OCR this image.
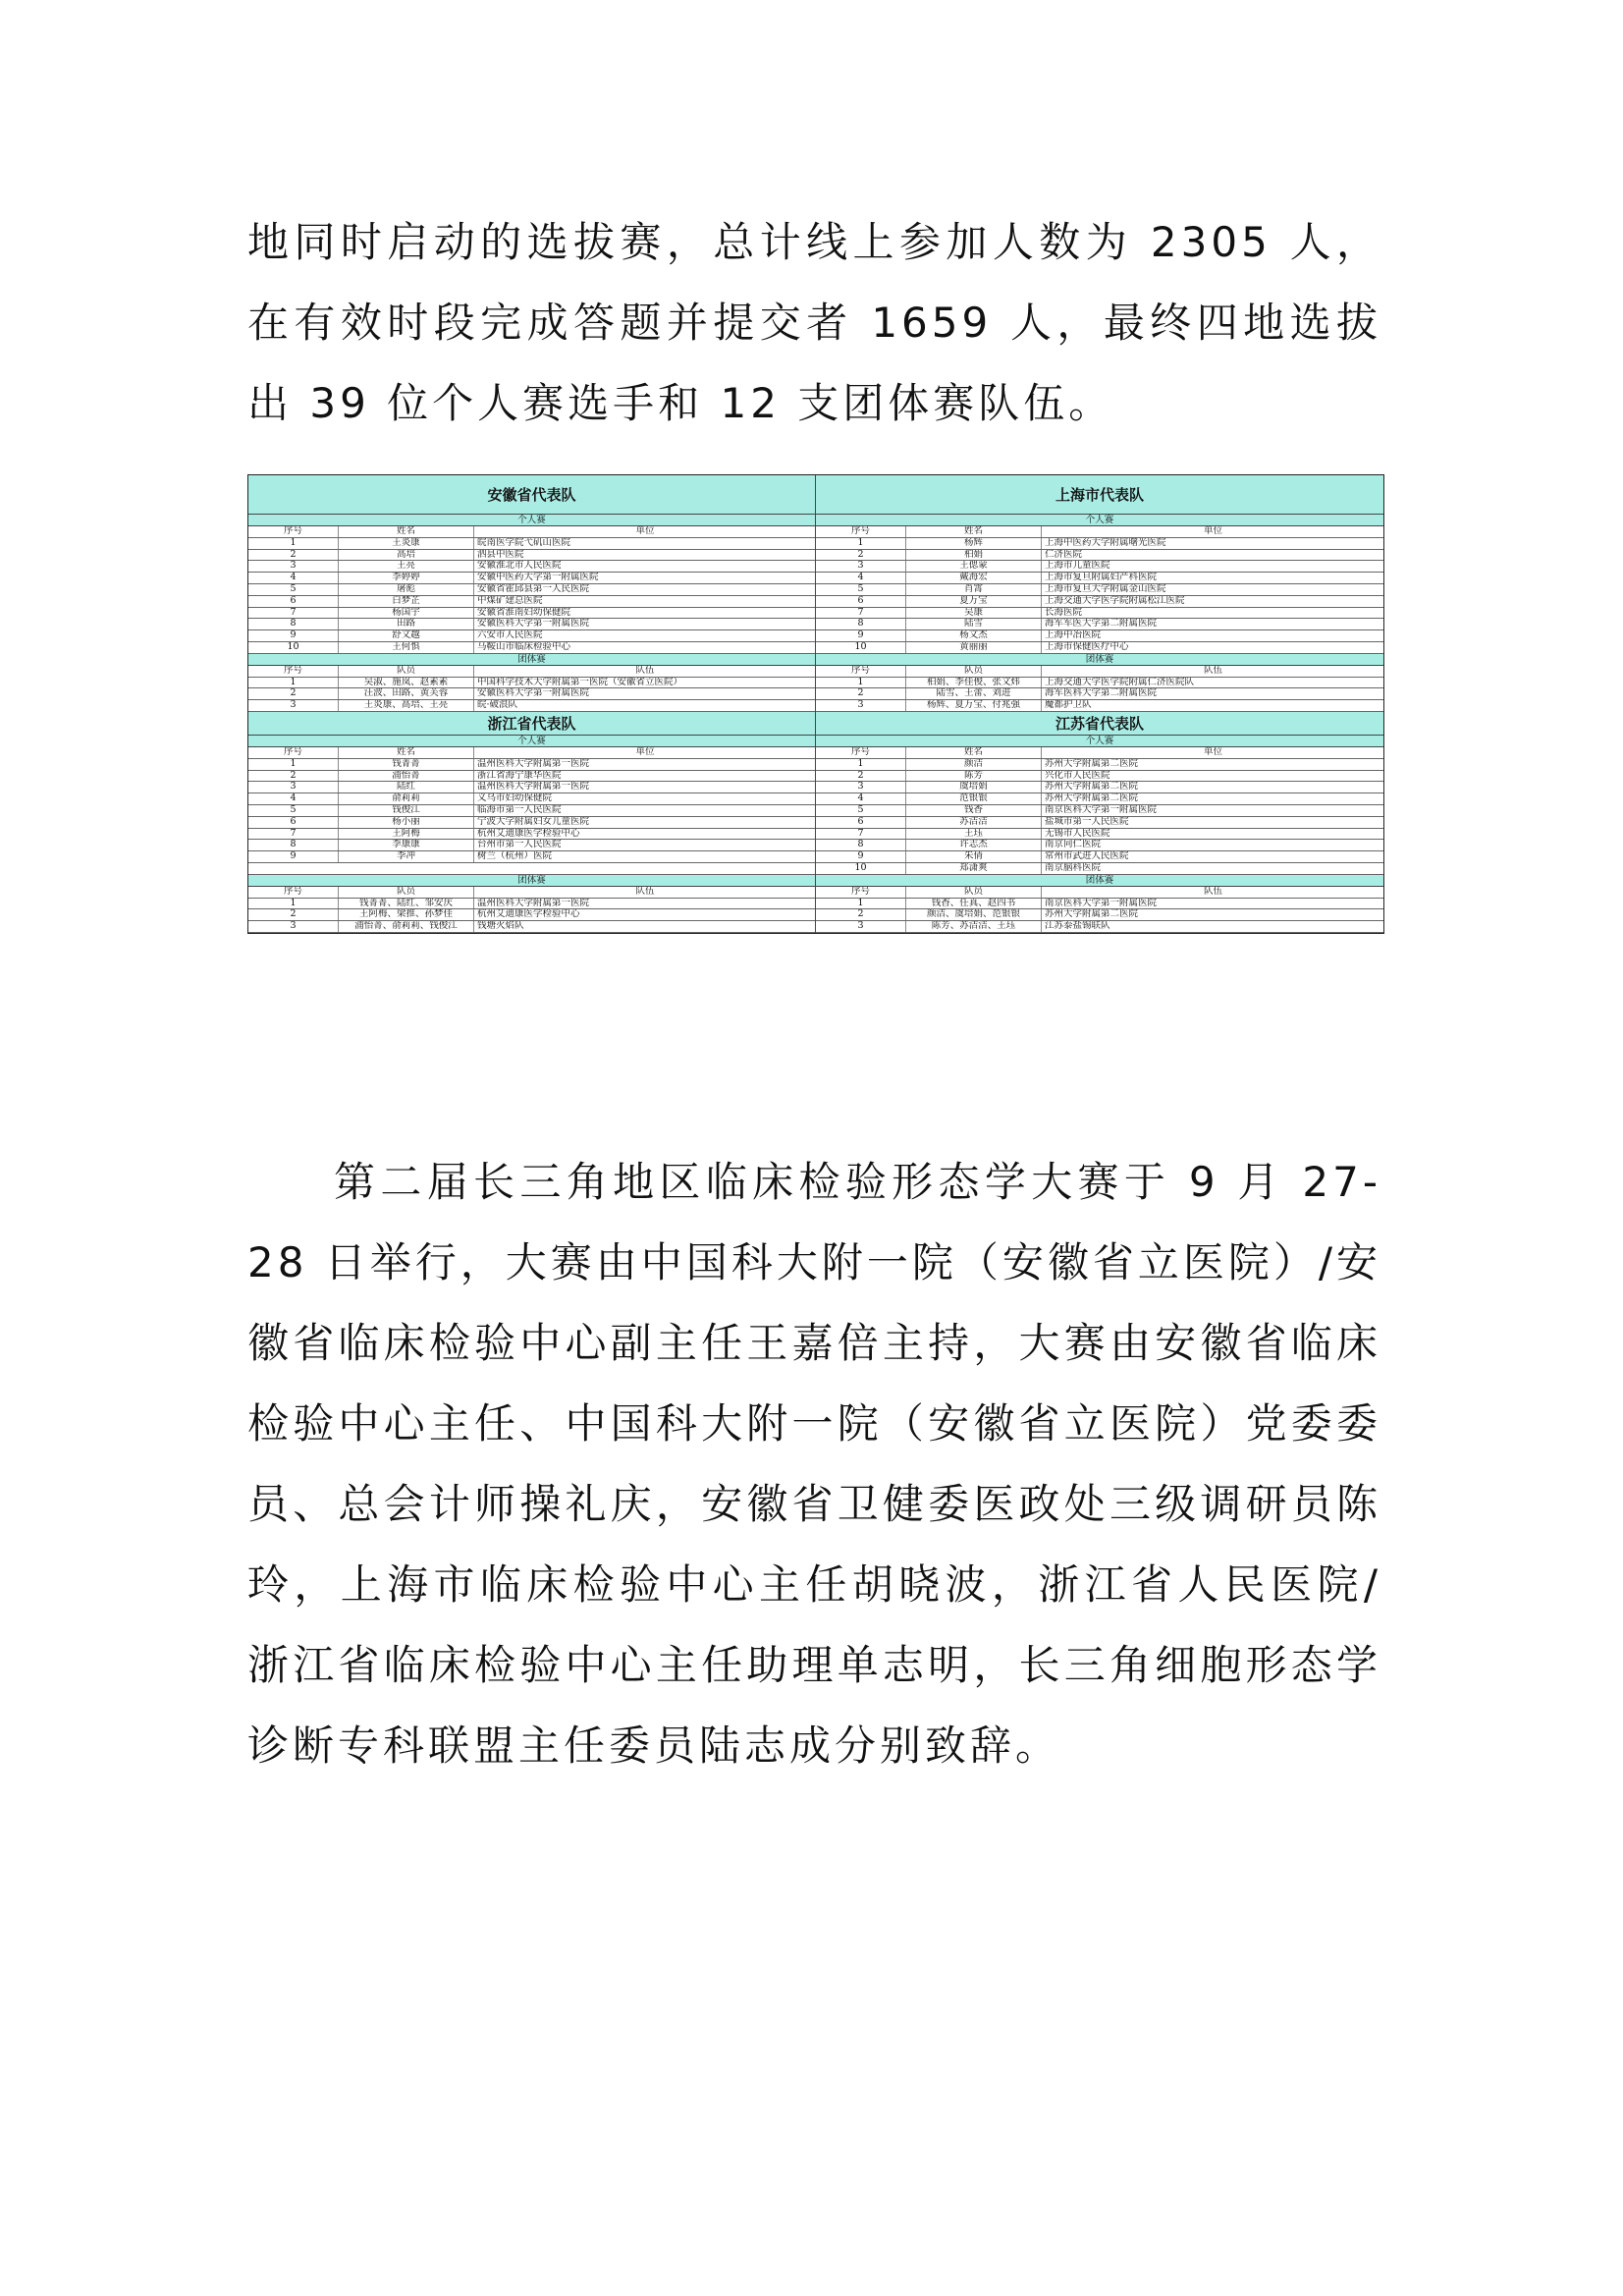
地同时启动的选拔赛，总计线上参加人数为 2305 人，在有效时段完成答题并提交者 1659 人，最终四地选拔出 39 位个人赛选手和 12 支团体赛队伍。

安徽省代表队
个人赛
序号	姓名	单位
1	王炎康	皖南医学院弋矶山医院
2	高培	泗县中医院
3	王亮	安徽淮北市人民医院
4	李婷婷	安徽中医药大学第一附属医院
5	屠彪	安徽省霍邱县第一人民医院
6	白梦芷	中煤矿建总医院
7	杨国宇	安徽省淮南妇幼保健院
8	田路	安徽医科大学第一附属医院
9	舒文越	六安市人民医院
10	王何惧	马鞍山市临床检验中心
团体赛
序号	队员	队伍
1	吴淑、施岚、赵素素	中国科学技术大学附属第一医院（安徽省立医院）
2	汪波、田路、黄芙蓉	安徽医科大学第一附属医院
3	王炎康、高培、王亮	皖·破浪队
上海市代表队
个人赛
序号	姓名	单位
1	杨辉	上海中医药大学附属曙光医院
2	柏娟	仁济医院
3	王偲蒙	上海市儿童医院
4	戴海宏	上海市复旦附属妇产科医院
5	肖霄	上海市复旦大学附属金山医院
6	夏万宝	上海交通大学医学院附属松江医院
7	吴康	长海医院
8	陆雪	海军军医大学第二附属医院
9	杨文杰	上海中冶医院
10	黄丽丽	上海市保健医疗中心
团体赛
序号	队员	队伍
1	柏娟、李佳俊、张文炜	上海交通大学医学院附属仁济医院队
2	陆雪、王蕾、刘进	海军医科大学第二附属医院
3	杨辉、夏万宝、付兆强	魔都护卫队
浙江省代表队
个人赛
序号	姓名	单位
1	钱菁菁	温州医科大学附属第一医院
2	浦怡菁	浙江省海宁康华医院
3	陆红	温州医科大学附属第一医院
4	俞莉莉	义乌市妇幼保健院
5	钱俊江	临海市第一人民医院
6	杨小丽	宁波大学附属妇女儿童医院
7	王阿梅	杭州艾迪康医学检验中心
8	李康康	台州市第一人民医院
9	李冲	树兰（杭州）医院
团体赛
序号	队员	队伍
1	钱菁菁、陆红、邹安庆	温州医科大学附属第一医院
2	王阿梅、梁推、孙梦佳	杭州艾迪康医学检验中心
3	浦怡菁、俞莉莉、钱俊江	钱塘火焰队
江苏省代表队
个人赛
序号	姓名	单位
1	颜洁	苏州大学附属第二医院
2	陈芳	兴化市人民医院
3	虞培娟	苏州大学附属第二医院
4	范银银	苏州大学附属第二医院
5	钱香	南京医科大学第一附属医院
6	苏洁洁	盐城市第一人民医院
7	王珏	无锡市人民医院
8	许志杰	南京同仁医院
9	朱倩	常州市武进人民医院
10	郑潇爽	南京脑科医院
团体赛
序号	队员	队伍
1	钱香、任真、赵四书	南京医科大学第一附属医院
2	颜洁、虞培娟、范银银	苏州大学附属第二医院
3	陈芳、苏洁洁、王珏	江苏泰盐锡联队

第二届长三角地区临床检验形态学大赛于 9 月 27-28 日举行，大赛由中国科大附一院（安徽省立医院）/安徽省临床检验中心副主任王嘉倍主持，大赛由安徽省临床检验中心主任、中国科大附一院（安徽省立医院）党委委员、总会计师操礼庆，安徽省卫健委医政处三级调研员陈玲，上海市临床检验中心主任胡晓波，浙江省人民医院/浙江省临床检验中心主任助理单志明，长三角细胞形态学诊断专科联盟主任委员陆志成分别致辞。
